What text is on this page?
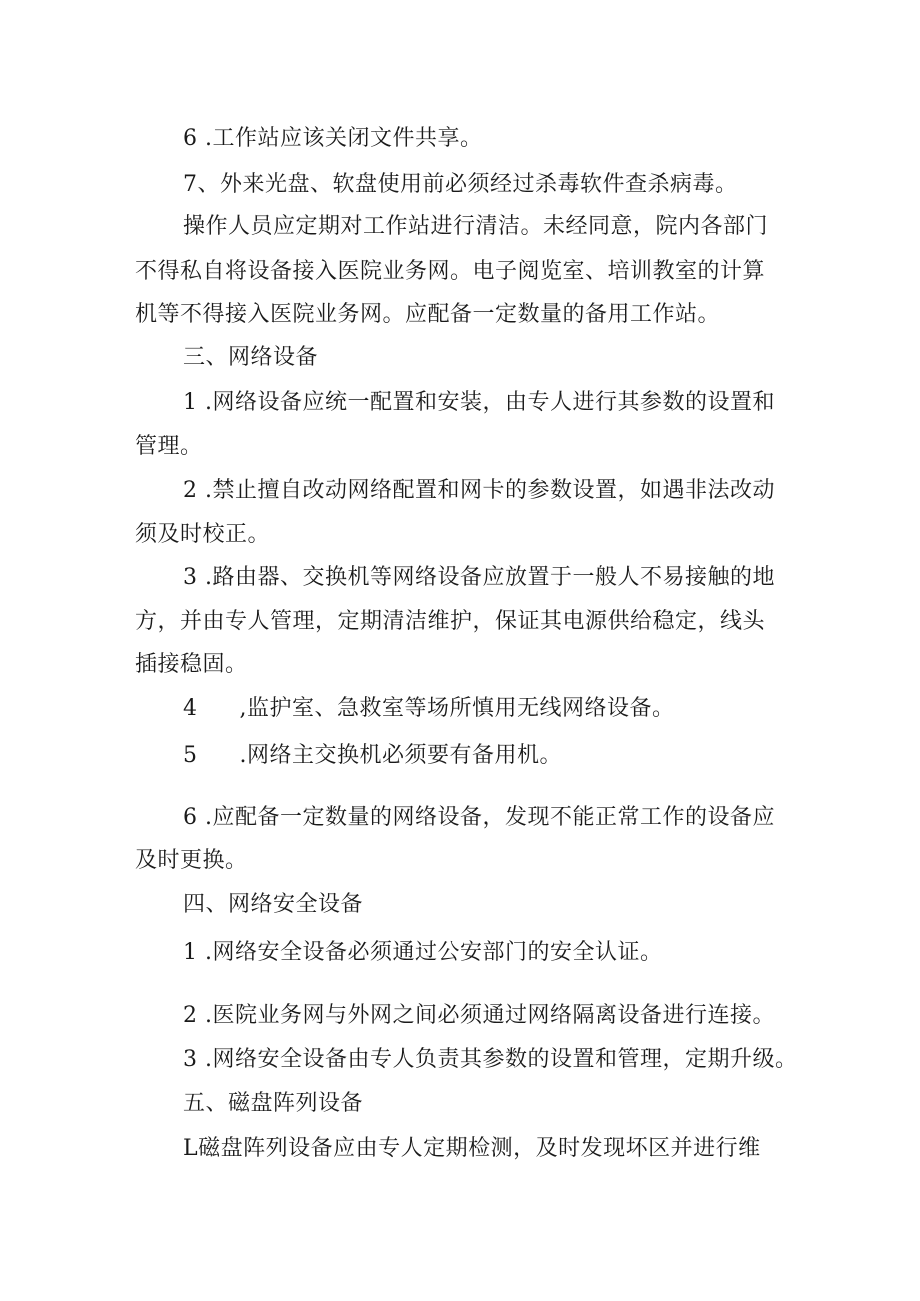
6 .工作站应该关闭文件共享。
7、外来光盘、软盘使用前必须经过杀毒软件查杀病毒。
操作人员应定期对工作站进行清洁。未经同意，院内各部门
不得私自将设备接入医院业务网。电子阅览室、培训教室的计算
机等不得接入医院业务网。应配备一定数量的备用工作站。
三、网络设备
1 .网络设备应统一配置和安装，由专人进行其参数的设置和
管理。
2 .禁止擅自改动网络配置和网卡的参数设置，如遇非法改动
须及时校正。
3 .路由器、交换机等网络设备应放置于一般人不易接触的地
方，并由专人管理，定期清洁维护，保证其电源供给稳定，线头
插接稳固。
4 ,监护室、急救室等场所慎用无线网络设备。
5 .网络主交换机必须要有备用机。
6 .应配备一定数量的网络设备，发现不能正常工作的设备应
及时更换。
四、网络安全设备
1 .网络安全设备必须通过公安部门的安全认证。
2 .医院业务网与外网之间必须通过网络隔离设备进行连接。
3 .网络安全设备由专人负责其参数的设置和管理，定期升级。
五、磁盘阵列设备
L磁盘阵列设备应由专人定期检测，及时发现坏区并进行维
